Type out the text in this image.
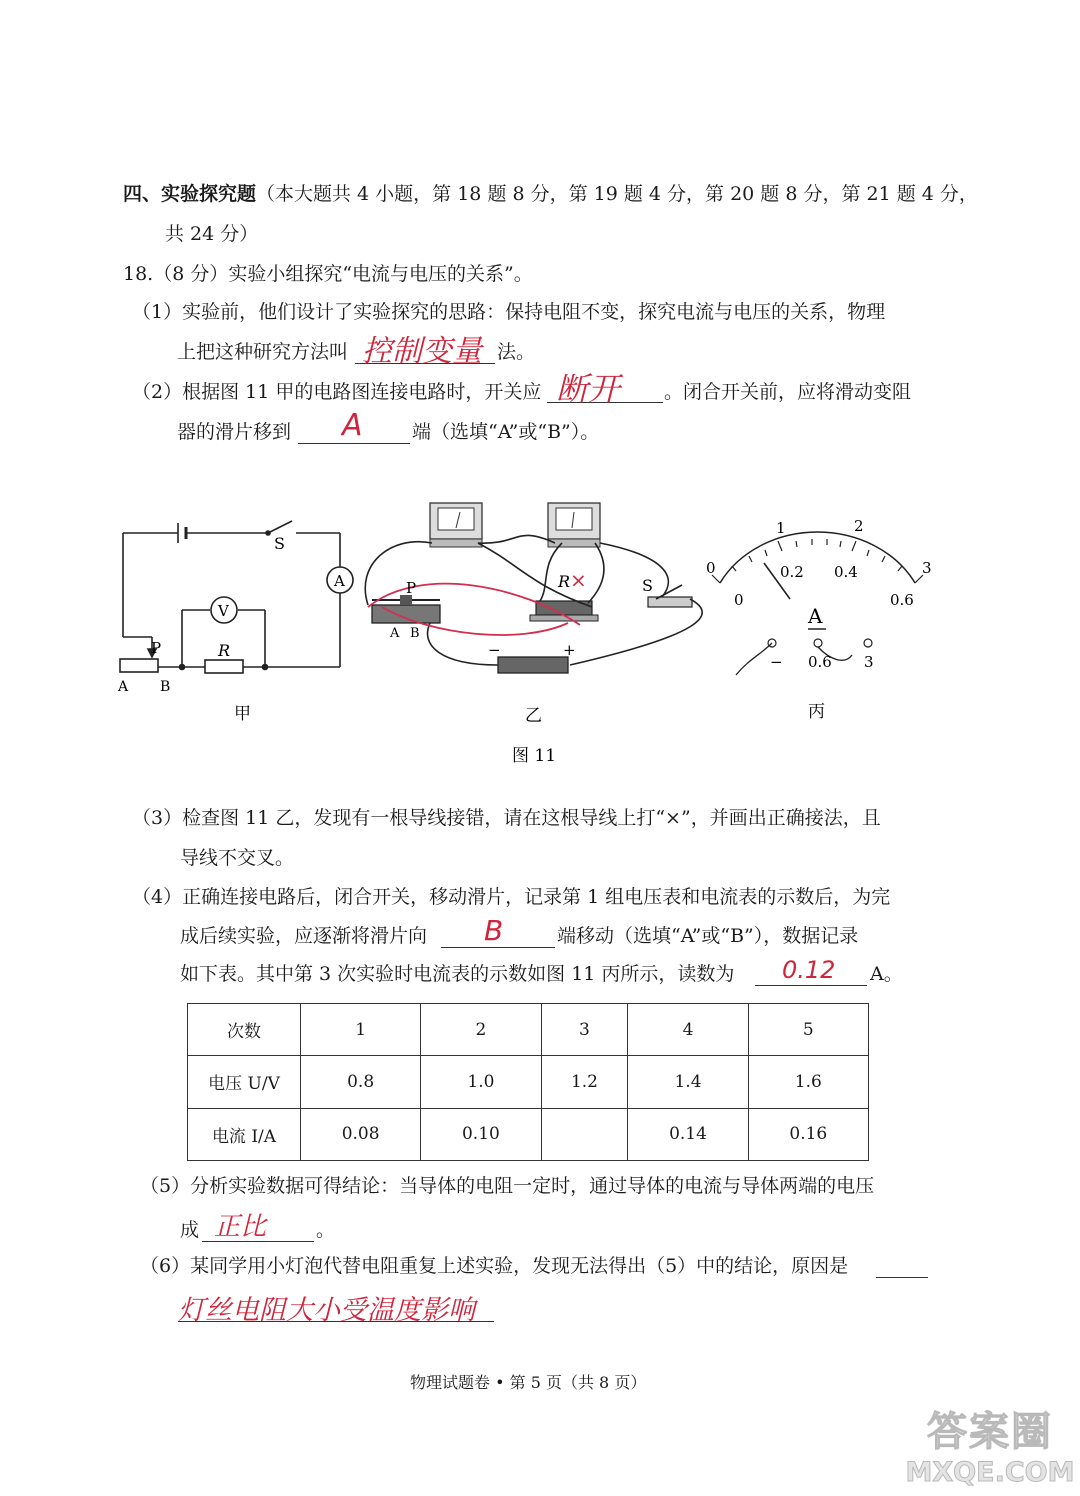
四、实验探究题（本大题共 4 小题，第 18 题 8 分，第 19 题 4 分，第 20 题 8 分，第 21 题 4 分，
共 24 分）
18.（8 分）实验小组探究“电流与电压的关系”。
（1）实验前，他们设计了实验探究的思路：保持电阻不变，探究电流与电压的关系，物理
上把这种研究方法叫 控制变量 法。
（2）根据图 11 甲的电路图连接电路时，开关应 断开 。闭合开关前，应将滑动变阻
器的滑片移到 A	端（选填“A”或“B”）。
S
A
V
R
P
A B
甲
P
A B
R ×	S
−	+
乙
0
1	2
3
0
0.2 0.4
0.6
A
− 0.6 3
丙
图 11
（3）检查图 11 乙，发现有一根导线接错，请在这根导线上打“×”，并画出正确接法，且
导线不交叉。
（4）正确连接电路后，闭合开关，移动滑片，记录第 1 组电压表和电流表的示数后，为完
成后续实验，应逐渐将滑片向 B	端移动（选填“A”或“B”），数据记录
如下表。其中第 3 次实验时电流表的示数如图 11 丙所示，读数为 0.12 A。
次数	1	2	3	4	5
电压 U/V	0.8	1.0	1.2	1.4	1.6
电流 I/A	0.08	0.10		0.14	0.16
（5）分析实验数据可得结论：当导体的电阻一定时，通过导体的电流与导体两端的电压
成 正比	。
（6）某同学用小灯泡代替电阻重复上述实验，发现无法得出（5）中的结论，原因是
灯丝电阻大小受温度影响
物理试题卷 • 第 5 页（共 8 页）
答案圈
MXQE.COM
